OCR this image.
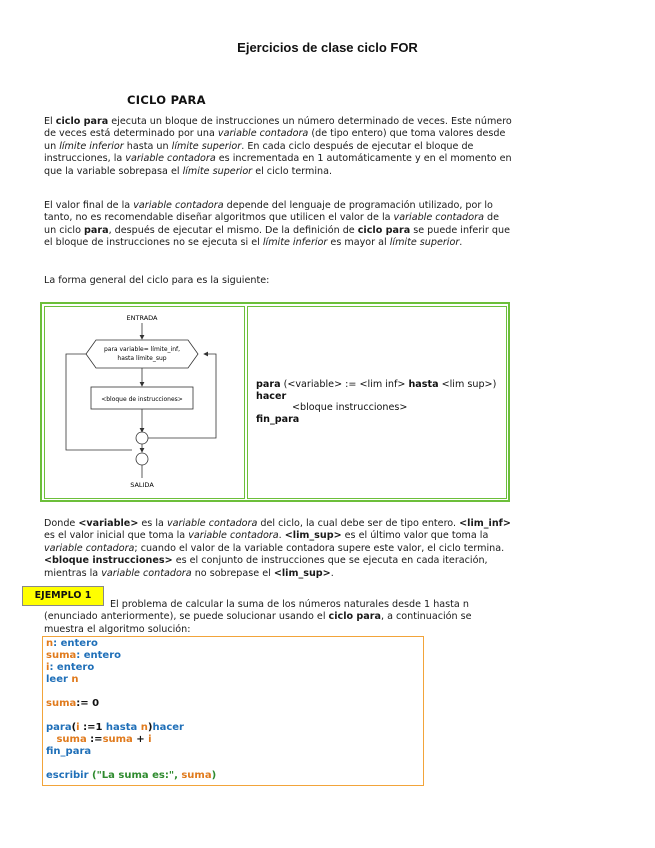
Ejercicios de clase ciclo FOR
CICLO PARA
El ciclo para ejecuta un bloque de instrucciones un número determinado de veces. Este número de veces está determinado por una variable contadora (de tipo entero) que toma valores desde un límite inferior hasta un límite superior. En cada ciclo después de ejecutar el bloque de instrucciones, la variable contadora es incrementada en 1 automáticamente y en el momento en que la variable sobrepasa el límite superior el ciclo termina.
El valor final de la variable contadora depende del lenguaje de programación utilizado, por lo tanto, no es recomendable diseñar algoritmos que utilicen el valor de la variable contadora de un ciclo para, después de ejecutar el mismo. De la definición de ciclo para se puede inferir que el bloque de instrucciones no se ejecuta si el límite inferior es mayor al límite superior.
La forma general del ciclo para es la siguiente:
ENTRADA
para variable= límite_inf,
hasta límite_sup
<bloque de instrucciones>
SALIDA
para (<variable> := <lim inf> hasta <lim sup>) hacer
<bloque instrucciones>
fin_para
Donde <variable> es la variable contadora del ciclo, la cual debe ser de tipo entero. <lim_inf> es el valor inicial que toma la variable contadora. <lim_sup> es el último valor que toma la variable contadora; cuando el valor de la variable contadora supere este valor, el ciclo termina. <bloque instrucciones> es el conjunto de instrucciones que se ejecuta en cada iteración, mientras la variable contadora no sobrepase el <lim_sup>.
EJEMPLO 1
El problema de calcular la suma de los números naturales desde 1 hasta n (enunciado anteriormente), se puede solucionar usando el ciclo para, a continuación se muestra el algoritmo solución:
n: entero
suma: entero
i: entero
leer n
suma:= 0
para(i :=1 hasta n)hacer
suma :=suma + i
fin_para
escribir ("La suma es:", suma)
